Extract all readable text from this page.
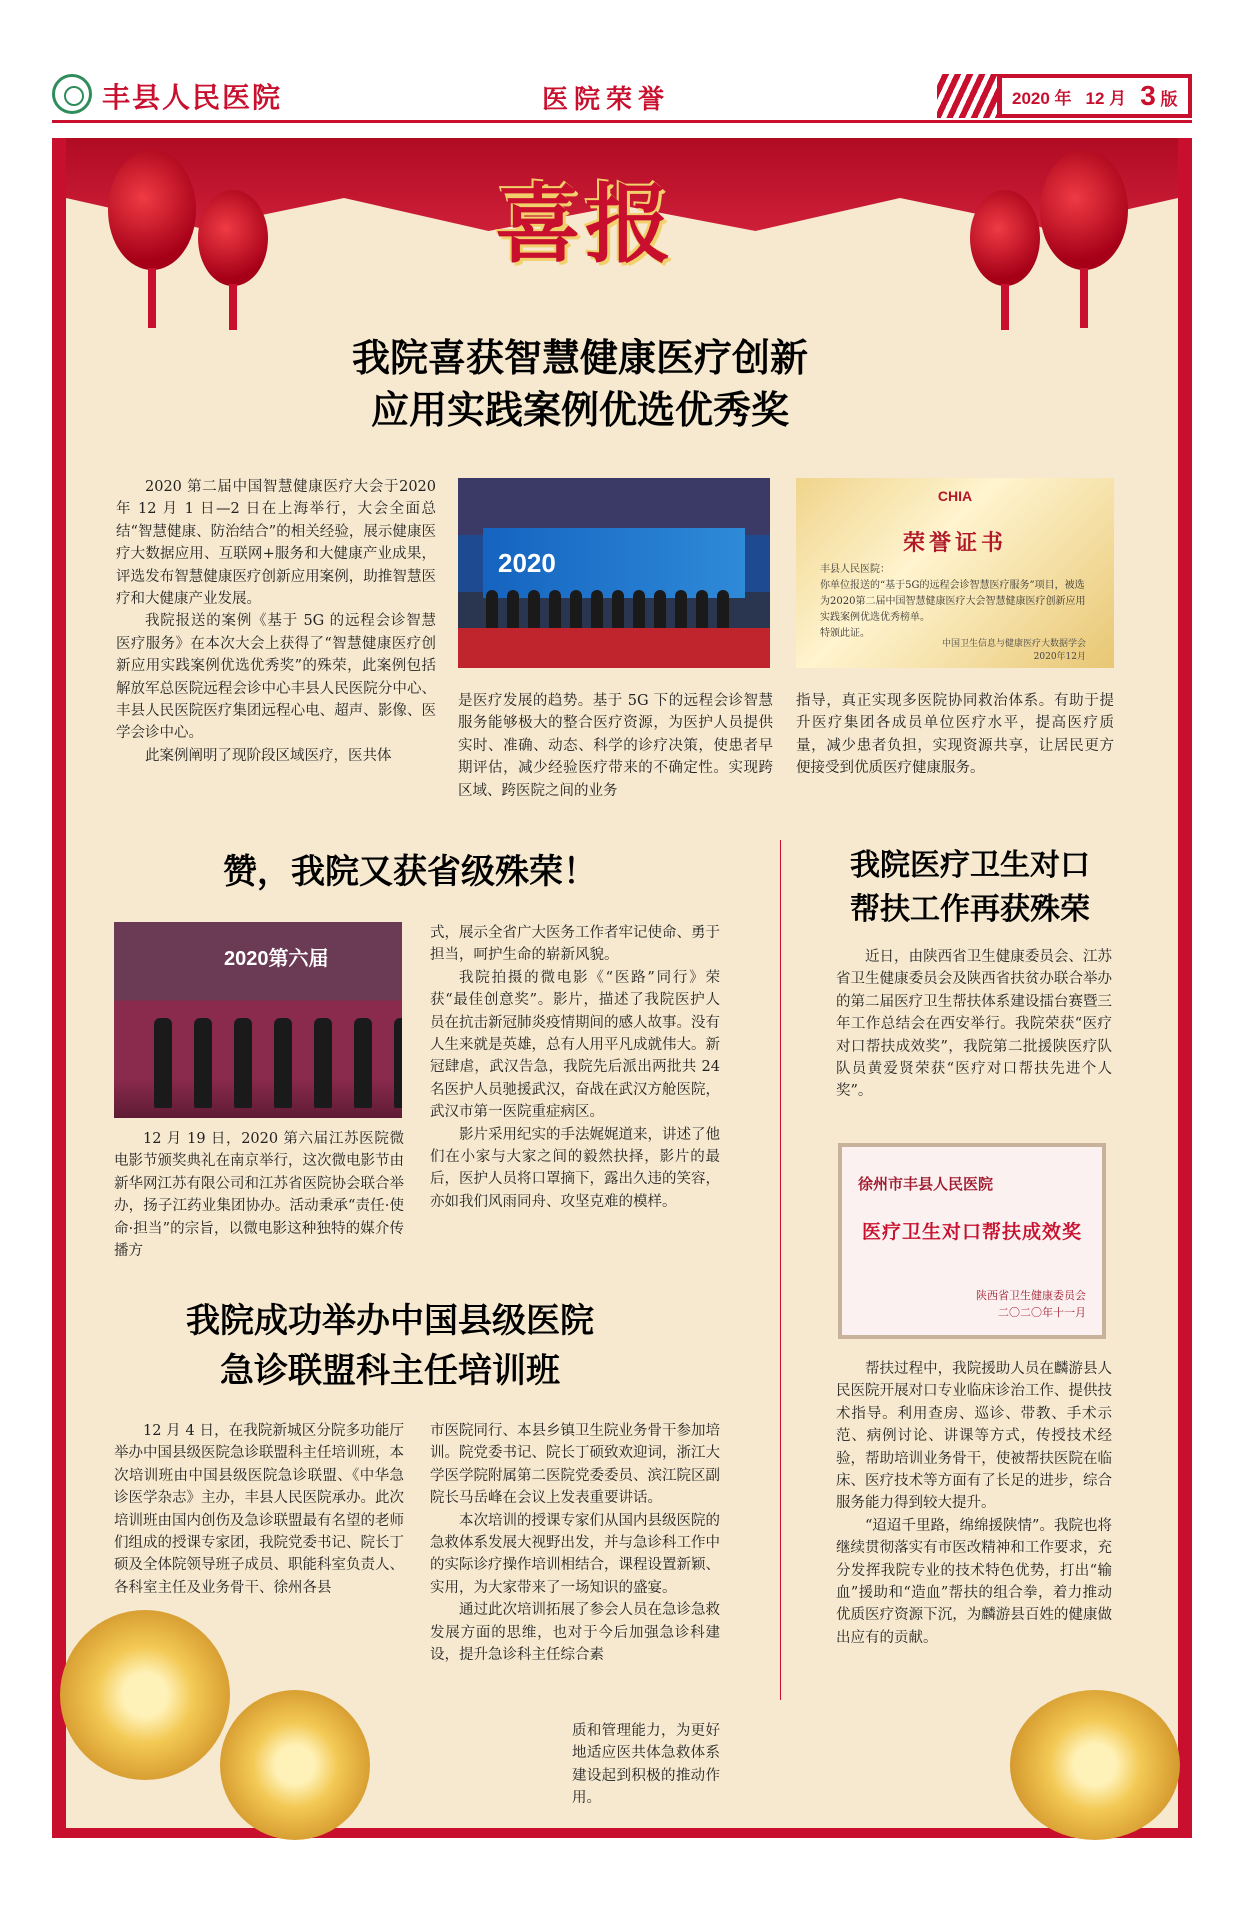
丰县人民医院	医院荣誉	2020 年 12 月 3 版
喜报
我院喜获智慧健康医疗创新
应用实践案例优选优秀奖

2020 第二届中国智慧健康医疗大会于2020 年 12 月 1 日—2 日在上海举行，大会全面总结“智慧健康、防治结合”的相关经验，展示健康医疗大数据应用、互联网+服务和大健康产业成果，评选发布智慧健康医疗创新应用案例，助推智慧医疗和大健康产业发展。

我院报送的案例《基于 5G 的远程会诊智慧医疗服务》在本次大会上获得了“智慧健康医疗创新应用实践案例优选优秀奖”的殊荣，此案例包括解放军总医院远程会诊中心丰县人民医院分中心、丰县人民医院医疗集团远程心电、超声、影像、医学会诊中心。

此案例阐明了现阶段区域医疗，医共体

2020
CHIA
荣誉证书
丰县人民医院：
你单位报送的“基于5G的远程会诊智慧医疗服务”项目，被选为2020第二届中国智慧健康医疗大会智慧健康医疗创新应用实践案例优选优秀榜单。
特颁此证。
中国卫生信息与健康医疗大数据学会
2020年12月

是医疗发展的趋势。基于 5G 下的远程会诊智慧服务能够极大的整合医疗资源，为医护人员提供实时、准确、动态、科学的诊疗决策，使患者早期评估，减少经验医疗带来的不确定性。实现跨区域、跨医院之间的业务

指导，真正实现多医院协同救治体系。有助于提升医疗集团各成员单位医疗水平，提高医疗质量，减少患者负担，实现资源共享，让居民更方便接受到优质医疗健康服务。

赞，我院又获省级殊荣！
2020第六届

12 月 19 日，2020 第六届江苏医院微电影节颁奖典礼在南京举行，这次微电影节由新华网江苏有限公司和江苏省医院协会联合举办，扬子江药业集团协办。活动秉承“责任·使命·担当”的宗旨，以微电影这种独特的媒介传播方

式，展示全省广大医务工作者牢记使命、勇于担当，呵护生命的崭新风貌。

我院拍摄的微电影《“医路”同行》荣获“最佳创意奖”。影片，描述了我院医护人员在抗击新冠肺炎疫情期间的感人故事。没有人生来就是英雄，总有人用平凡成就伟大。新冠肆虐，武汉告急，我院先后派出两批共 24 名医护人员驰援武汉，奋战在武汉方舱医院，武汉市第一医院重症病区。

影片采用纪实的手法娓娓道来，讲述了他们在小家与大家之间的毅然抉择，影片的最后，医护人员将口罩摘下，露出久违的笑容，亦如我们风雨同舟、攻坚克难的模样。

我院成功举办中国县级医院
急诊联盟科主任培训班

12 月 4 日，在我院新城区分院多功能厅举办中国县级医院急诊联盟科主任培训班，本次培训班由中国县级医院急诊联盟、《中华急诊医学杂志》主办，丰县人民医院承办。此次培训班由国内创伤及急诊联盟最有名望的老师们组成的授课专家团，我院党委书记、院长丁硕及全体院领导班子成员、职能科室负责人、各科室主任及业务骨干、徐州各县

市医院同行、本县乡镇卫生院业务骨干参加培训。院党委书记、院长丁硕致欢迎词，浙江大学医学院附属第二医院党委委员、滨江院区副院长马岳峰在会议上发表重要讲话。

本次培训的授课专家们从国内县级医院的急救体系发展大视野出发，并与急诊科工作中的实际诊疗操作培训相结合，课程设置新颖、实用，为大家带来了一场知识的盛宴。

通过此次培训拓展了参会人员在急诊急救发展方面的思维，也对于今后加强急诊科建设，提升急诊科主任综合素

质和管理能力，为更好地适应医共体急救体系建设起到积极的推动作用。

我院医疗卫生对口
帮扶工作再获殊荣

近日，由陕西省卫生健康委员会、江苏省卫生健康委员会及陕西省扶贫办联合举办的第二届医疗卫生帮扶体系建设擂台赛暨三年工作总结会在西安举行。我院荣获“医疗对口帮扶成效奖”，我院第二批援陕医疗队队员黄爱贤荣获“医疗对口帮扶先进个人奖”。

徐州市丰县人民医院
医疗卫生对口帮扶成效奖
陕西省卫生健康委员会
二〇二〇年十一月

帮扶过程中，我院援助人员在麟游县人民医院开展对口专业临床诊治工作、提供技术指导。利用查房、巡诊、带教、手术示范、病例讨论、讲课等方式，传授技术经验，帮助培训业务骨干，使被帮扶医院在临床、医疗技术等方面有了长足的进步，综合服务能力得到较大提升。

“迢迢千里路，绵绵援陕情”。我院也将继续贯彻落实有市医改精神和工作要求，充分发挥我院专业的技术特色优势，打出“输血”援助和“造血”帮扶的组合拳，着力推动优质医疗资源下沉，为麟游县百姓的健康做出应有的贡献。
